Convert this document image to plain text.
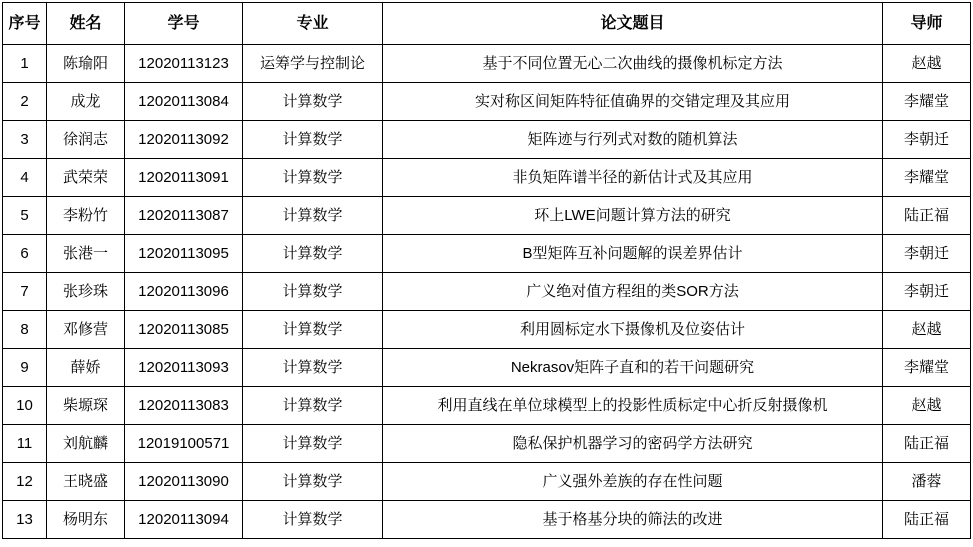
序号	姓名	学号	专业	论文题目	导师
1	陈瑜阳	12020113123	运筹学与控制论	基于不同位置无心二次曲线的摄像机标定方法	赵越
2	成龙	12020113084	计算数学	实对称区间矩阵特征值确界的交错定理及其应用	李耀堂
3	徐润志	12020113092	计算数学	矩阵迹与行列式对数的随机算法	李朝迁
4	武荣荣	12020113091	计算数学	非负矩阵谱半径的新估计式及其应用	李耀堂
5	李粉竹	12020113087	计算数学	环上LWE问题计算方法的研究	陆正福
6	张港一	12020113095	计算数学	B型矩阵互补问题解的误差界估计	李朝迁
7	张珍珠	12020113096	计算数学	广义绝对值方程组的类SOR方法	李朝迁
8	邓修营	12020113085	计算数学	利用圆标定水下摄像机及位姿估计	赵越
9	薛娇	12020113093	计算数学	Nekrasov矩阵子直和的若干问题研究	李耀堂
10	柴塬琛	12020113083	计算数学	利用直线在单位球模型上的投影性质标定中心折反射摄像机	赵越
11	刘航麟	12019100571	计算数学	隐私保护机器学习的密码学方法研究	陆正福
12	王晓盛	12020113090	计算数学	广义强外差族的存在性问题	潘蓉
13	杨明东	12020113094	计算数学	基于格基分块的筛法的改进	陆正福
